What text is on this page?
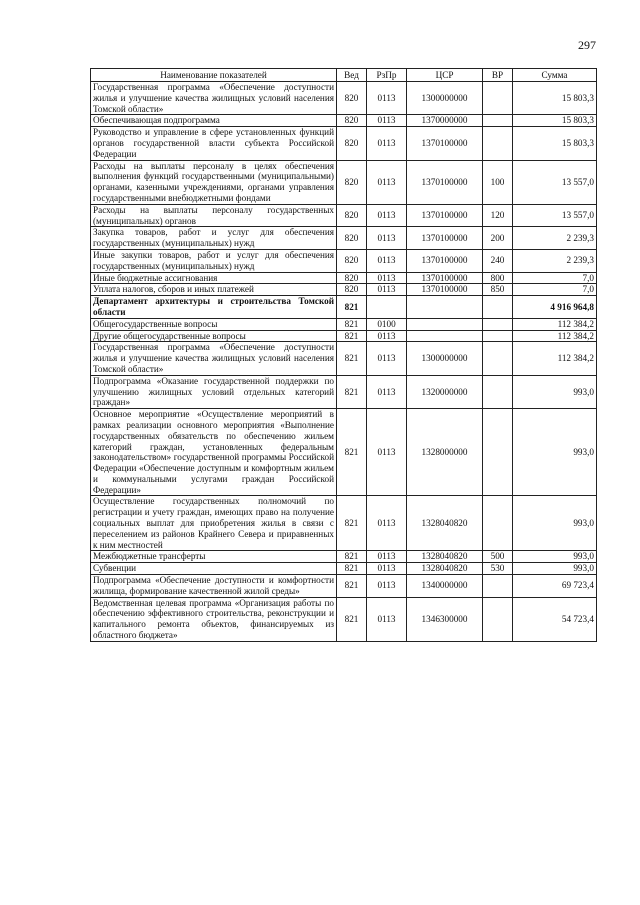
297
Наименование показателей	Вед	РзПр	ЦСР	ВР	Сумма
Государственная программа «Обеспечение доступности жилья и улучшение качества жилищных условий населения Томской области»	820	0113	1300000000		15 803,3
Обеспечивающая подпрограмма	820	0113	1370000000		15 803,3
Руководство и управление в сфере установленных функций органов государственной власти субъекта Российской Федерации	820	0113	1370100000		15 803,3
Расходы на выплаты персоналу в целях обеспечения выполнения функций государственными (муниципальными) органами, казенными учреждениями, органами управления государственными внебюджетными фондами	820	0113	1370100000	100	13 557,0
Расходы на выплаты персоналу государственных (муниципальных) органов	820	0113	1370100000	120	13 557,0
Закупка товаров, работ и услуг для обеспечения государственных (муниципальных) нужд	820	0113	1370100000	200	2 239,3
Иные закупки товаров, работ и услуг для обеспечения государственных (муниципальных) нужд	820	0113	1370100000	240	2 239,3
Иные бюджетные ассигнования	820	0113	1370100000	800	7,0
Уплата налогов, сборов и иных платежей	820	0113	1370100000	850	7,0
Департамент архитектуры и строительства Томской области	821				4 916 964,8
Общегосударственные вопросы	821	0100			112 384,2
Другие общегосударственные вопросы	821	0113			112 384,2
Государственная программа «Обеспечение доступности жилья и улучшение качества жилищных условий населения Томской области»	821	0113	1300000000		112 384,2
Подпрограмма «Оказание государственной поддержки по улучшению жилищных условий отдельных категорий граждан»	821	0113	1320000000		993,0
Основное мероприятие «Осуществление мероприятий в рамках реализации основного мероприятия «Выполнение государственных обязательств по обеспечению жильем категорий граждан, установленных федеральным законодательством» государственной программы Российской Федерации «Обеспечение доступным и комфортным жильем и коммунальными услугами граждан Российской Федерации»	821	0113	1328000000		993,0
Осуществление государственных полномочий по регистрации и учету граждан, имеющих право на получение социальных выплат для приобретения жилья в связи с переселением из районов Крайнего Севера и приравненных к ним местностей	821	0113	1328040820		993,0
Межбюджетные трансферты	821	0113	1328040820	500	993,0
Субвенции	821	0113	1328040820	530	993,0
Подпрограмма «Обеспечение доступности и комфортности жилища, формирование качественной жилой среды»	821	0113	1340000000		69 723,4
Ведомственная целевая программа «Организация работы по обеспечению эффективного строительства, реконструкции и капитального ремонта объектов, финансируемых из областного бюджета»	821	0113	1346300000		54 723,4
